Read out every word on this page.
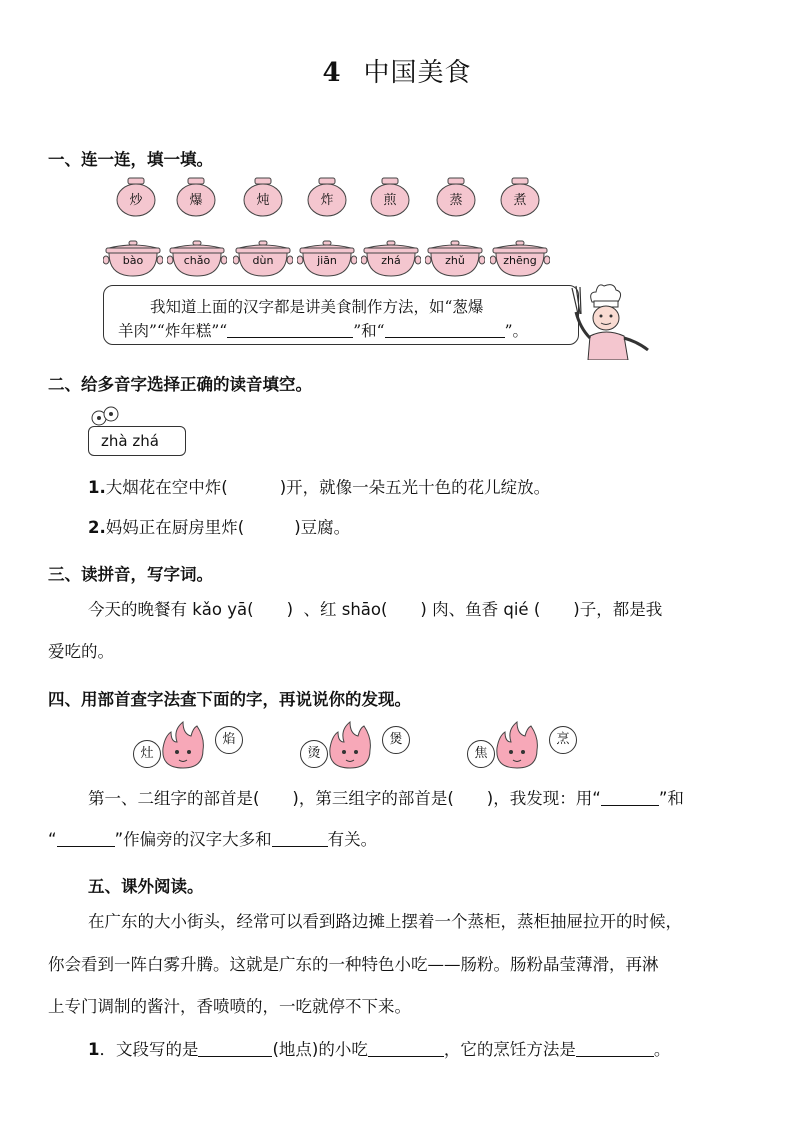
4 中国美食
一、连一连，填一填。
炒	爆	炖	炸	煎	蒸	煮
bào	chǎo	dùn	jiān	zhá	zhǔ	zhēng

我知道上面的汉字都是讲美食制作方法，如“葱爆

羊肉”“炸年糕”“	”和“	”。

二、给多音字选择正确的读音填空。
zhà zhá
1.大烟花在空中炸(	)开，就像一朵五光十色的花儿绽放。
2.妈妈正在厨房里炸(	)豆腐。
三、读拼音，写字词。
今天的晚餐有 kǎo yā(　　)  、红 shāo(　　) 肉、鱼香 qié (　　)子，都是我
爱吃的。
四、用部首查字法查下面的字，再说说你的发现。
灶
焰
烫
煲
焦
烹
第一、二组字的部首是(　　)，第三组字的部首是(　　)，我发现：用“	”和
“	”作偏旁的汉字大多和	有关。
五、课外阅读。
在广东的大小街头，经常可以看到路边摊上摆着一个蒸柜，蒸柜抽屉拉开的时候，
你会看到一阵白雾升腾。这就是广东的一种特色小吃——肠粉。肠粉晶莹薄滑，再淋
上专门调制的酱汁，香喷喷的，一吃就停不下来。
1．文段写的是	(地点)的小吃	，它的烹饪方法是	。
